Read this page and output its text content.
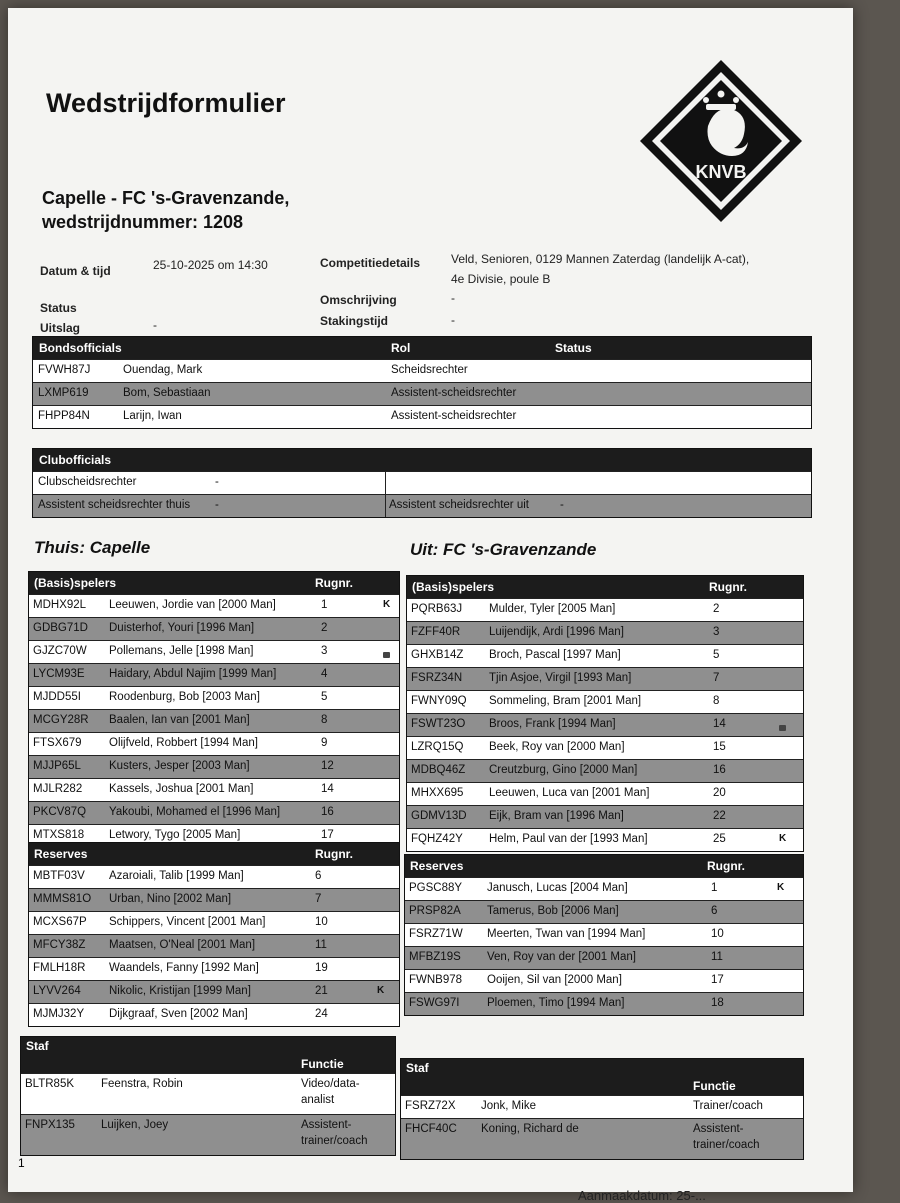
Wedstrijdformulier
Capelle - FC 's-Gravenzande,
wedstrijdnummer: 1208
KNVB
Datum & tijd	25-10-2025 om 14:30
Status
Uitslag	-
Competitiedetails	Veld, Senioren, 0129 Mannen Zaterdag (landelijk A-cat),
4e Divisie, poule B
Omschrijving	-
Stakingstijd	-
Bondsofficials	Rol	Status
FVWH87J	Ouendag, Mark	Scheidsrechter
LXMP619	Bom, Sebastiaan	Assistent-scheidsrechter
FHPP84N	Larijn, Iwan	Assistent-scheidsrechter
Clubofficials
Clubscheidsrechter	-
Assistent scheidsrechter thuis -	Assistent scheidsrechter uit	-
Thuis: Capelle	Uit: FC 's-Gravenzande
(Basis)spelers	Rugnr.
MDHX92L Leeuwen, Jordie van [2000 Man]	1	K
GDBG71D Duisterhof, Youri [1996 Man]	2
GJZC70W Pollemans, Jelle [1998 Man]	3
LYCM93E Haidary, Abdul Najim [1999 Man]	4
MJDD55I Roodenburg, Bob [2003 Man]	5
MCGY28R Baalen, Ian van [2001 Man]	8
FTSX679 Olijfveld, Robbert [1994 Man]	9
MJJP65L Kusters, Jesper [2003 Man]	12
MJLR282 Kassels, Joshua [2001 Man]	14
PKCV87Q Yakoubi, Mohamed el [1996 Man]	16
MTXS818 Letwory, Tygo [2005 Man]	17
Reserves	Rugnr.
MBTF03V Azaroiali, Talib [1999 Man]	6
MMMS81O Urban, Nino [2002 Man]	7
MCXS67P Schippers, Vincent [2001 Man]	10
MFCY38Z Maatsen, O'Neal [2001 Man]	11
FMLH18R Waandels, Fanny [1992 Man]	19
LYVV264 Nikolic, Kristijan [1999 Man]	21	K
MJMJ32Y Dijkgraaf, Sven [2002 Man]	24
Staf
Functie
BLTR85K Feenstra, Robin	Video/data-
analist
FNPX135 Luijken, Joey	Assistent-
trainer/coach
(Basis)spelers	Rugnr.
PQRB63J Mulder, Tyler [2005 Man]	2
FZFF40R	Luijendijk, Ardi [1996 Man]	3
GHXB14Z Broch, Pascal [1997 Man]	5
FSRZ34N Tjin Asjoe, Virgil [1993 Man]	7
FWNY09Q Sommeling, Bram [2001 Man]	8
FSWT23O Broos, Frank [1994 Man]	14
LZRQ15Q Beek, Roy van [2000 Man]	15
MDBQ46Z Creutzburg, Gino [2000 Man]	16
MHXX695 Leeuwen, Luca van [2001 Man]	20
GDMV13D Eijk, Bram van [1996 Man]	22
FQHZ42Y Helm, Paul van der [1993 Man]	25	K
Reserves	Rugnr.
PGSC88Y Janusch, Lucas [2004 Man]	1	K
PRSP82A Tamerus, Bob [2006 Man]	6
FSRZ71W Meerten, Twan van [1994 Man]	10
MFBZ19S Ven, Roy van der [2001 Man]	11
FWNB978 Ooijen, Sil van [2000 Man]	17
FSWG97I Ploemen, Timo [1994 Man]	18
Staf
Functie
FSRZ72X Jonk, Mike	Trainer/coach
FHCF40C Koning, Richard de	Assistent-
trainer/coach
1
Aanmaakdatum: 25-...
